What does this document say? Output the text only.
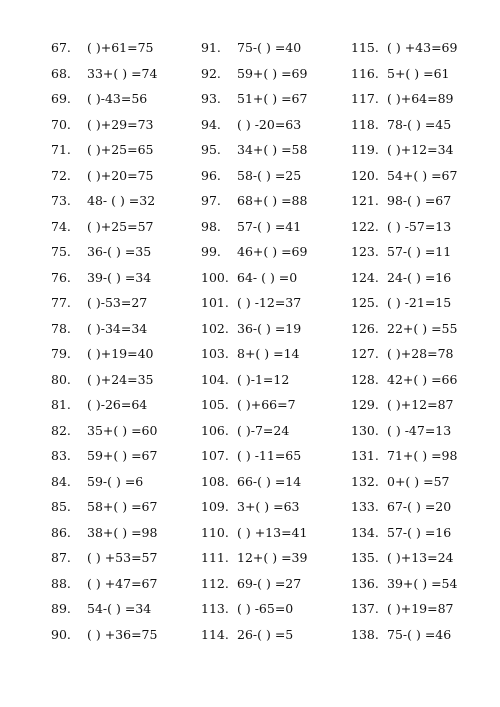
67. ( )+61=75
68. 33+( ) =74
69. ( )-43=56
70. ( )+29=73
71. ( )+25=65
72. ( )+20=75
73. 48- ( ) =32
74. ( )+25=57
75. 36-( ) =35
76. 39-( ) =34
77. ( )-53=27
78. ( )-34=34
79. ( )+19=40
80. ( )+24=35
81. ( )-26=64
82. 35+( ) =60
83. 59+( ) =67
84. 59-( ) =6
85. 58+( ) =67
86. 38+( ) =98
87. ( ) +53=57
88. ( ) +47=67
89. 54-( ) =34
90. ( ) +36=75
91. 75-( ) =40
92. 59+( ) =69
93. 51+( ) =67
94. ( ) -20=63
95. 34+( ) =58
96. 58-( ) =25
97. 68+( ) =88
98. 57-( ) =41
99. 46+( ) =69
100. 64- ( ) =0
101. ( ) -12=37
102. 36-( ) =19
103. 8+( ) =14
104. ( )-1=12
105. ( )+66=7
106. ( )-7=24
107. ( ) -11=65
108. 66-( ) =14
109. 3+( ) =63
110. ( ) +13=41
111. 12+( ) =39
112. 69-( ) =27
113. ( ) -65=0
114. 26-( ) =5
115. ( ) +43=69
116. 5+( ) =61
117. ( )+64=89
118. 78-( ) =45
119. ( )+12=34
120. 54+( ) =67
121. 98-( ) =67
122. ( ) -57=13
123. 57-( ) =11
124. 24-( ) =16
125. ( ) -21=15
126. 22+( ) =55
127. ( )+28=78
128. 42+( ) =66
129. ( )+12=87
130. ( ) -47=13
131. 71+( ) =98
132. 0+( ) =57
133. 67-( ) =20
134. 57-( ) =16
135. ( )+13=24
136. 39+( ) =54
137. ( )+19=87
138. 75-( ) =46
